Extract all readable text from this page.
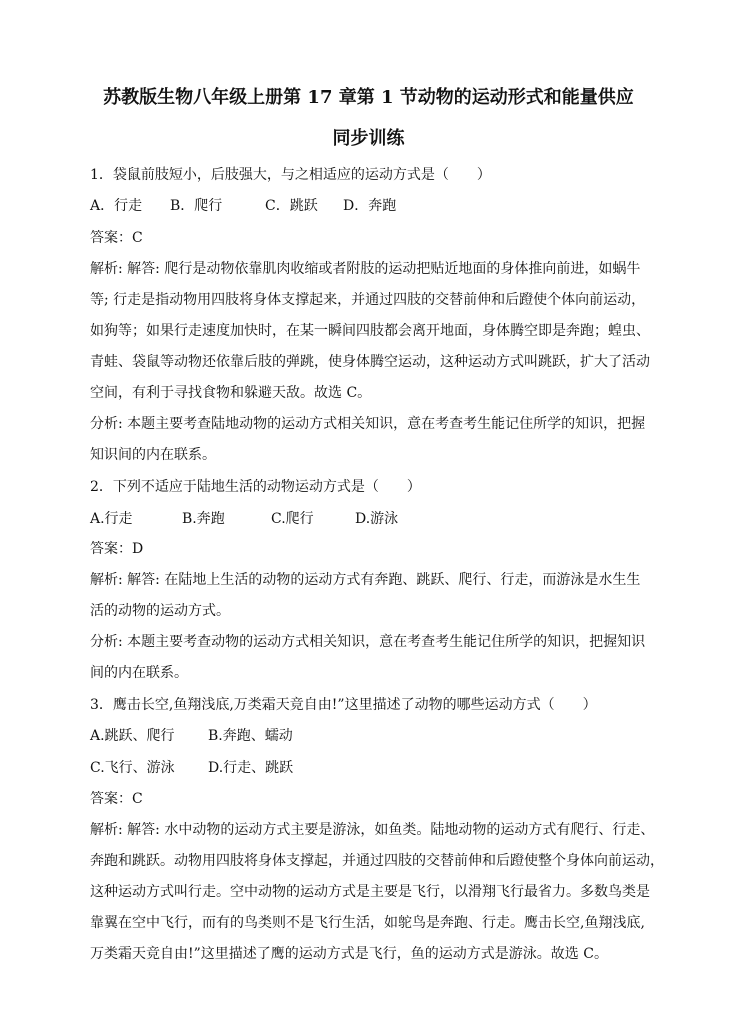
苏教版生物八年级上册第 17 章第 1 节动物的运动形式和能量供应
同步训练
1．袋鼠前肢短小，后肢强大，与之相适应的运动方式是（　　）
A．行走 B．爬行	C．跳跃 D．奔跑
答案：C
解析: 解答: 爬行是动物依靠肌肉收缩或者附肢的运动把贴近地面的身体推向前进，如蜗牛
等; 行走是指动物用四肢将身体支撑起来，并通过四肢的交替前伸和后蹬使个体向前运动，
如狗等；如果行走速度加快时，在某一瞬间四肢都会离开地面，身体腾空即是奔跑；蝗虫、
青蛙、袋鼠等动物还依靠后肢的弹跳，使身体腾空运动，这种运动方式叫跳跃，扩大了活动
空间，有利于寻找食物和躲避天敌。故选 C。
分析: 本题主要考查陆地动物的运动方式相关知识，意在考查考生能记住所学的知识，把握
知识间的内在联系。
2．下列不适应于陆地生活的动物运动方式是（　　）
A.行走	B.奔跑	C.爬行	D.游泳
答案：D
解析: 解答: 在陆地上生活的动物的运动方式有奔跑、跳跃、爬行、行走，而游泳是水生生
活的动物的运动方式。
分析: 本题主要考查动物的运动方式相关知识，意在考查考生能记住所学的知识，把握知识
间的内在联系。
3．鹰击长空,鱼翔浅底,万类霜天竞自由!”这里描述了动物的哪些运动方式（　　）
A.跳跃、爬行 B.奔跑、蠕动
C.飞行、游泳 D.行走、跳跃
答案：C
解析: 解答: 水中动物的运动方式主要是游泳，如鱼类。陆地动物的运动方式有爬行、行走、
奔跑和跳跃。动物用四肢将身体支撑起，并通过四肢的交替前伸和后蹬使整个身体向前运动，
这种运动方式叫行走。空中动物的运动方式是主要是飞行，以滑翔飞行最省力。多数鸟类是
靠翼在空中飞行，而有的鸟类则不是飞行生活，如鸵鸟是奔跑、行走。鹰击长空,鱼翔浅底,
万类霜天竞自由!”这里描述了鹰的运动方式是飞行，鱼的运动方式是游泳。故选 C。
